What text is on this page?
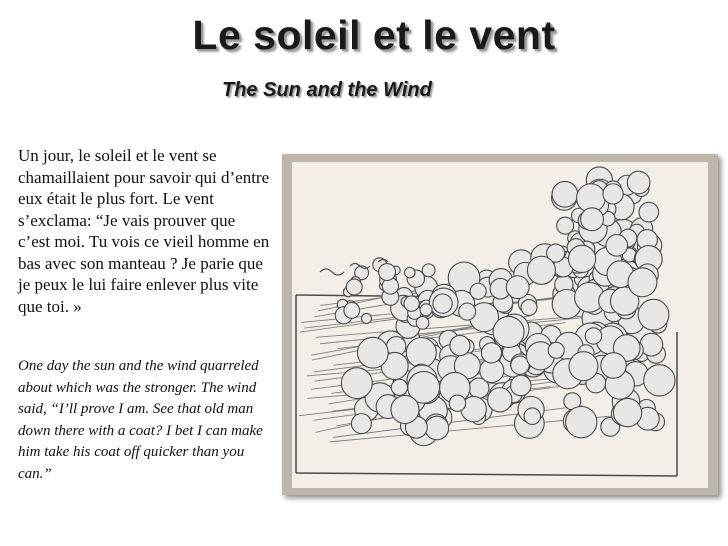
Le soleil et le vent
The Sun and the Wind

Un jour, le soleil et le vent se chamaillaient pour savoir qui d’entre eux était le plus fort. Le vent s’exclama: “Je vais prouver que c’est moi. Tu vois ce vieil homme en bas avec son manteau ? Je parie que je peux le lui faire enlever plus vite que toi. »

One day the sun and the wind quarreled about which was the stronger. The wind said, “I’ll prove I am. See that old man down there with a coat? I bet I can make him take his coat off quicker than you can.”
